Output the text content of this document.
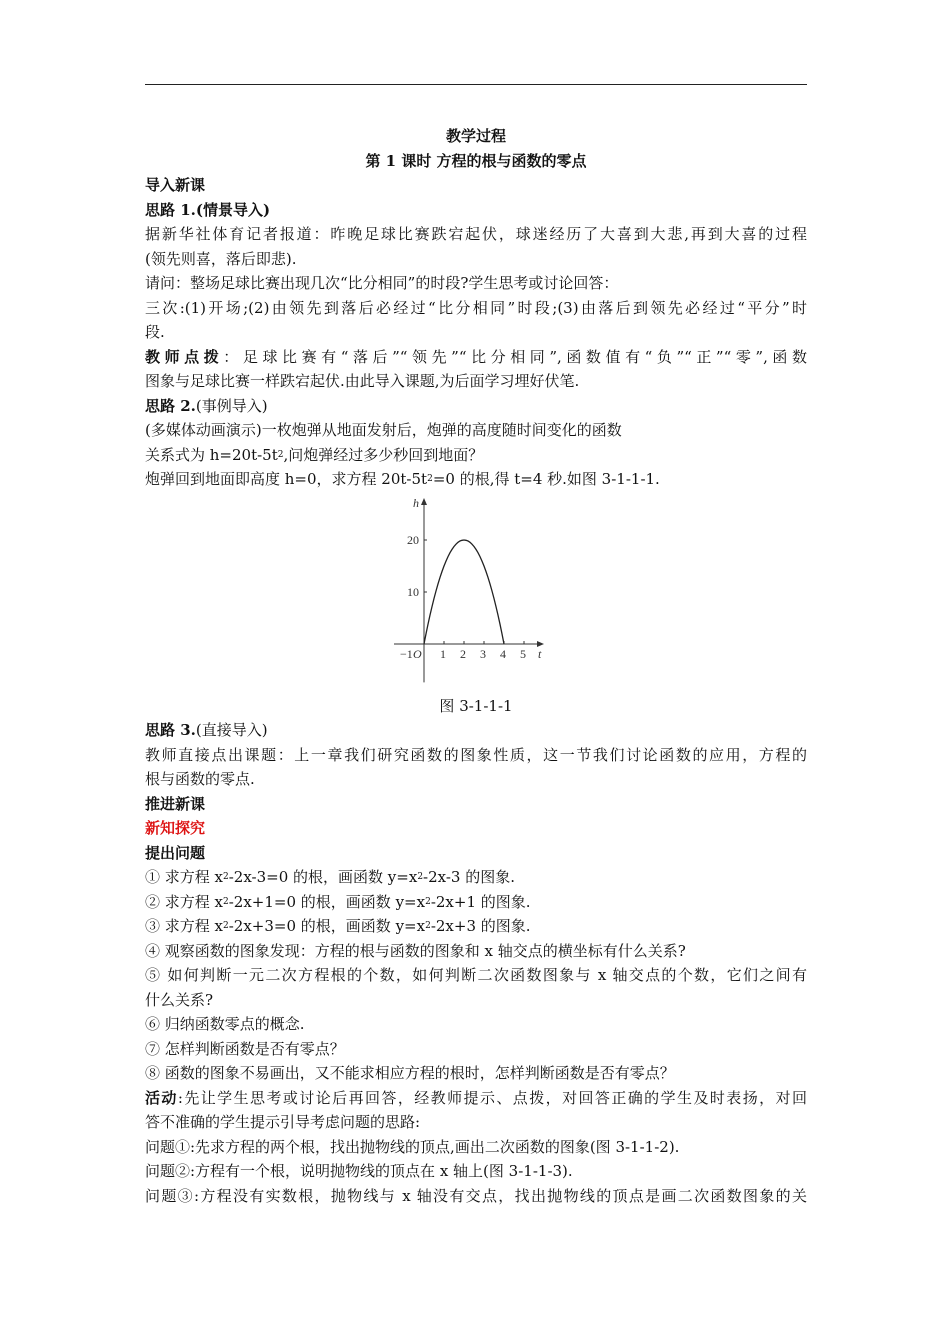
教学过程
第 1 课时 方程的根与函数的零点
导入新课
思路 1.(情景导入)
据新华社体育记者报道：昨晚足球比赛跌宕起伏，球迷经历了大喜到大悲,再到大喜的过程
(领先则喜，落后即悲).
请问：整场足球比赛出现几次“比分相同”的时段?学生思考或讨论回答：
三次:(1)开场;(2)由领先到落后必经过“比分相同”时段;(3)由落后到领先必经过“平分”时
段.
教师点拨：足球比赛有“落后”“领先”“比分相同”,函数值有“负”“正”“零”,函数
图象与足球比赛一样跌宕起伏.由此导入课题,为后面学习埋好伏笔.
思路 2.(事例导入)
(多媒体动画演示)一枚炮弹从地面发射后，炮弹的高度随时间变化的函数
关系式为 $h=20t-5t^2$,问炮弹经过多少秒回到地面？
炮弹回到地面即高度 h=0，求方程 $20t-5t^2=0$ 的根,得 t=4 秒.如图 3-1-1-1.
h
t
−1 O 1 2 3 4 5
10
20
图 3-1-1-1
思路 3.(直接导入)
教师直接点出课题：上一章我们研究函数的图象性质，这一节我们讨论函数的应用，方程的
根与函数的零点.
推进新课
新知探究
提出问题
① 求方程 $x^2-2x-3=0$ 的根，画函数 $y=x^2-2x-3$ 的图象.
② 求方程 $x^2-2x+1=0$ 的根，画函数 $y=x^2-2x+1$ 的图象.
③ 求方程 $x^2-2x+3=0$ 的根，画函数 $y=x^2-2x+3$ 的图象.
④ 观察函数的图象发现：方程的根与函数的图象和 x 轴交点的横坐标有什么关系?
⑤ 如何判断一元二次方程根的个数，如何判断二次函数图象与 x 轴交点的个数，它们之间有
什么关系?
⑥ 归纳函数零点的概念.
⑦ 怎样判断函数是否有零点？
⑧ 函数的图象不易画出，又不能求相应方程的根时，怎样判断函数是否有零点？
活动:先让学生思考或讨论后再回答，经教师提示、点拨，对回答正确的学生及时表扬，对回
答不准确的学生提示引导考虑问题的思路:
问题①:先求方程的两个根，找出抛物线的顶点,画出二次函数的图象(图 3-1-1-2).
问题②:方程有一个根，说明抛物线的顶点在 x 轴上(图 3-1-1-3).
问题③:方程没有实数根，抛物线与 x 轴没有交点，找出抛物线的顶点是画二次函数图象的关
